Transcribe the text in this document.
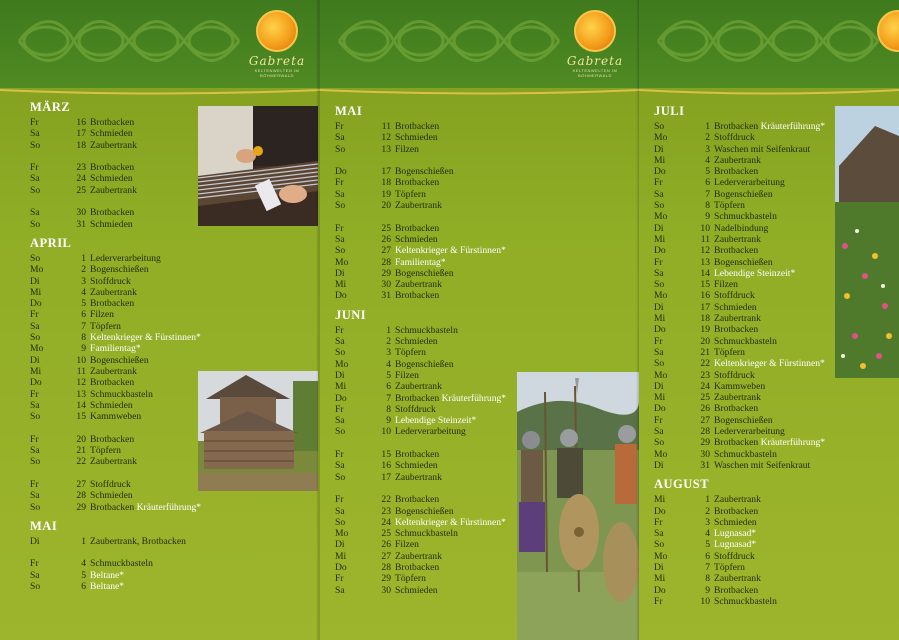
Gabreta
KELTENWELTEN IM BÖHMERWALD
MÄRZ
Fr	16 Brotbacken
Sa	17 Schmieden
So	18 Zaubertrank
Fr	23 Brotbacken
Sa	24 Schmieden
So	25 Zaubertrank
Sa	30 Brotbacken
So	31 Schmieden
APRIL
So	1 Lederverarbeitung
Mo	2 Bogenschießen
Di	3 Stoffdruck
Mi	4 Zaubertrank
Do	5 Brotbacken
Fr	6 Filzen
Sa	7 Töpfern
So	8 Keltenkrieger & Fürstinnen*
Mo	9 Familientag*
Di	10 Bogenschießen
Mi	11 Zaubertrank
Do	12 Brotbacken
Fr	13 Schmuckbasteln
Sa	14 Schmieden
So	15 Kammweben
Fr	20 Brotbacken
Sa	21 Töpfern
So	22 Zaubertrank
Fr	27 Stoffdruck
Sa	28 Schmieden
So	29 Brotbacken Kräuterführung*
MAI
Di	1 Zaubertrank, Brotbacken
Fr	4 Schmuckbasteln
Sa	5 Beltane*
So	6 Beltane*
Gabreta
KELTENWELTEN IM BÖHMERWALD
MAI
Fr	11 Brotbacken
Sa	12 Schmieden
So	13 Filzen
Do	17 Bogenschießen
Fr	18 Brotbacken
Sa	19 Töpfern
So	20 Zaubertrank
Fr	25 Brotbacken
Sa	26 Schmieden
So	27 Keltenkrieger & Fürstinnen*
Mo	28 Familientag*
Di	29 Bogenschießen
Mi	30 Zaubertrank
Do	31 Brotbacken
JUNI
Fr	1 Schmuckbasteln
Sa	2 Schmieden
So	3 Töpfern
Mo	4 Bogenschießen
Di	5 Filzen
Mi	6 Zaubertrank
Do	7 Brotbacken Kräuterführung*
Fr	8 Stoffdruck
Sa	9 Lebendige Steinzeit*
So	10 Lederverarbeitung
Fr	15 Brotbacken
Sa	16 Schmieden
So	17 Zaubertrank
Fr	22 Brotbacken
Sa	23 Bogenschießen
So	24 Keltenkrieger & Fürstinnen*
Mo	25 Schmuckbasteln
Di	26 Filzen
Mi	27 Zaubertrank
Do	28 Brotbacken
Fr	29 Töpfern
Sa	30 Schmieden
JULI
So	1 Brotbacken Kräuterführung*
Mo	2 Stoffdruck
Di	3 Waschen mit Seifenkraut
Mi	4 Zaubertrank
Do	5 Brotbacken
Fr	6 Lederverarbeitung
Sa	7 Bogenschießen
So	8 Töpfern
Mo	9 Schmuckbasteln
Di	10 Nadelbindung
Mi	11 Zaubertrank
Do	12 Brotbacken
Fr	13 Bogenschießen
Sa	14 Lebendige Steinzeit*
So	15 Filzen
Mo	16 Stoffdruck
Di	17 Schmieden
Mi	18 Zaubertrank
Do	19 Brotbacken
Fr	20 Schmuckbasteln
Sa	21 Töpfern
So	22 Keltenkrieger & Fürstinnen*
Mo	23 Stoffdruck
Di	24 Kammweben
Mi	25 Zaubertrank
Do	26 Brotbacken
Fr	27 Bogenschießen
Sa	28 Lederverarbeitung
So	29 Brotbacken Kräuterführung*
Mo	30 Schmuckbasteln
Di	31 Waschen mit Seifenkraut
AUGUST
Mi	1 Zaubertrank
Do	2 Brotbacken
Fr	3 Schmieden
Sa	4 Lugnasad*
So	5 Lugnasad*
Mo	6 Stoffdruck
Di	7 Töpfern
Mi	8 Zaubertrank
Do	9 Brotbacken
Fr	10 Schmuckbasteln
